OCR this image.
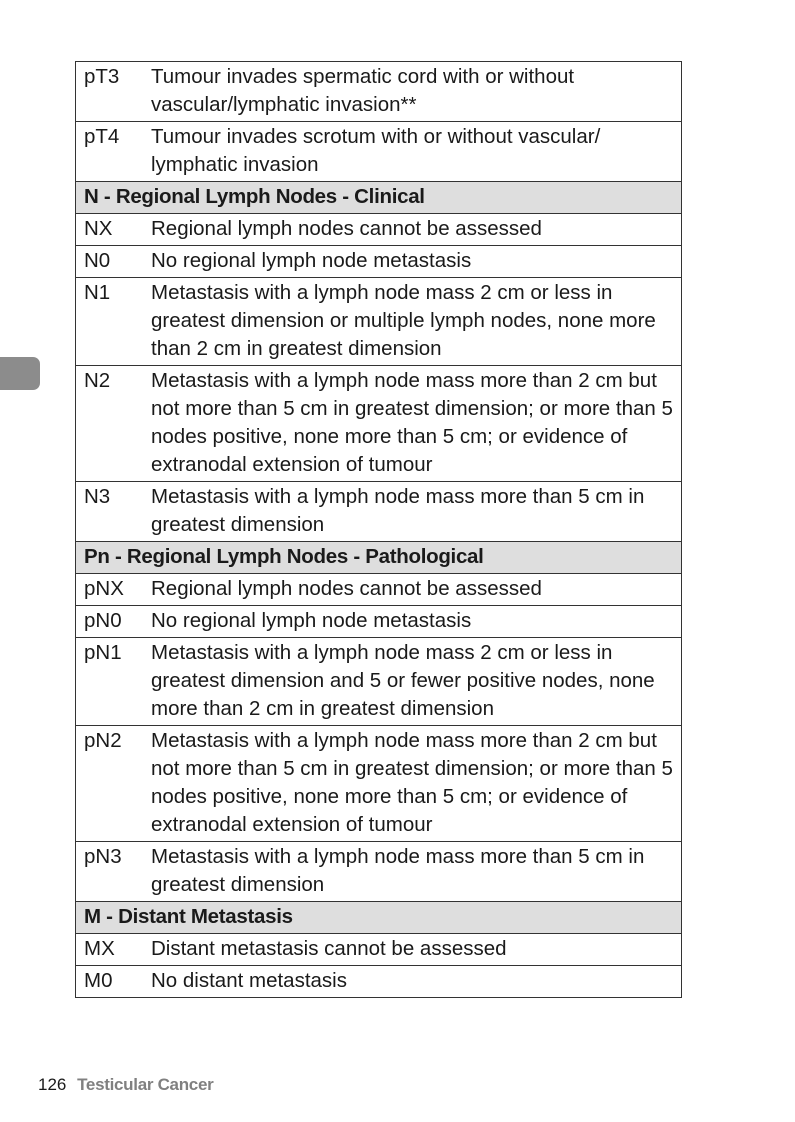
pT3	Tumour invades spermatic cord with or without vascular/lymphatic invasion**
pT4	Tumour invades scrotum with or without vascular/ lymphatic invasion
N - Regional Lymph Nodes - Clinical	
NX	Regional lymph nodes cannot be assessed
N0	No regional lymph node metastasis
N1	Metastasis with a lymph node mass 2 cm or less in greatest dimension or multiple lymph nodes, none more than 2 cm in greatest dimension
N2	Metastasis with a lymph node mass more than 2 cm but not more than 5 cm in greatest dimension; or more than 5 nodes positive, none more than 5 cm; or evidence of extranodal extension of tumour
N3	Metastasis with a lymph node mass more than 5 cm in greatest dimension
Pn - Regional Lymph Nodes - Pathological	
pNX	Regional lymph nodes cannot be assessed
pN0	No regional lymph node metastasis
pN1	Metastasis with a lymph node mass 2 cm or less in greatest dimension and 5 or fewer positive nodes, none more than 2 cm in greatest dimension
pN2	Metastasis with a lymph node mass more than 2 cm but not more than 5 cm in greatest dimension; or more than 5 nodes positive, none more than 5 cm; or evidence of extranodal extension of tumour
pN3	Metastasis with a lymph node mass more than 5 cm in greatest dimension
M - Distant Metastasis	
MX	Distant metastasis cannot be assessed
M0	No distant metastasis
126 Testicular Cancer
